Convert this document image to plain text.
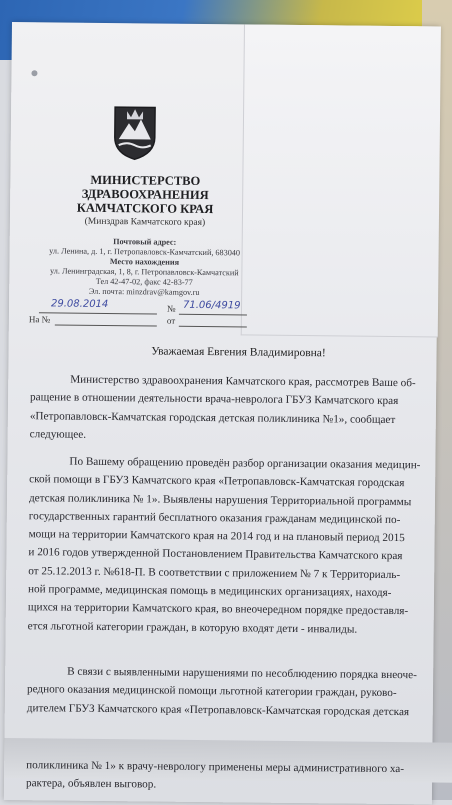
МИНИСТЕРСТВО
ЗДРАВООХРАНЕНИЯ
КАМЧАТСКОГО КРАЯ
(Минздрав Камчатского края)
Почтовый адрес:
ул. Ленина, д. 1, г. Петропавловск-Камчатский, 683040
Место нахождения
ул. Ленинградская, 1, 8, г. Петропавловск-Камчатский
Тел 42-47-02, факс 42-83-77
Эл. почта: minzdrav@kamgov.ru
29.08.2014	№ 71.06/4919
На №	от
Уважаемая Евгения Владимировна!
Министерство здравоохранения Камчатского края, рассмотрев Ваше об-
ращение в отношении деятельности врача-невролога ГБУЗ Камчатского края
«Петропавловск-Камчатская городская детская поликлиника №1», сообщает
следующее.
По Вашему обращению проведён разбор организации оказания медицин-
ской помощи в ГБУЗ Камчатского края «Петропавловск-Камчатская городская
детская поликлиника № 1». Выявлены нарушения Территориальной программы
государственных гарантий бесплатного оказания гражданам медицинской по-
мощи на территории Камчатского края на 2014 год и на плановый период 2015
и 2016 годов утвержденной Постановлением Правительства Камчатского края
от 25.12.2013 г. №618-П. В соответствии с приложением № 7 к Территориаль-
ной программе, медицинская помощь в медицинских организациях, находя-
щихся на территории Камчатского края, во внеочередном порядке предоставля-
ется льготной категории граждан, в которую входят дети - инвалиды.
В связи с выявленными нарушениями по несоблюдению порядка внеоче-
редного оказания медицинской помощи льготной категории граждан, руково-
дителем ГБУЗ Камчатского края «Петропавловск-Камчатская городская детская
поликлиника № 1» к врачу-неврологу применены меры административного ха-
рактера, объявлен выговор.
